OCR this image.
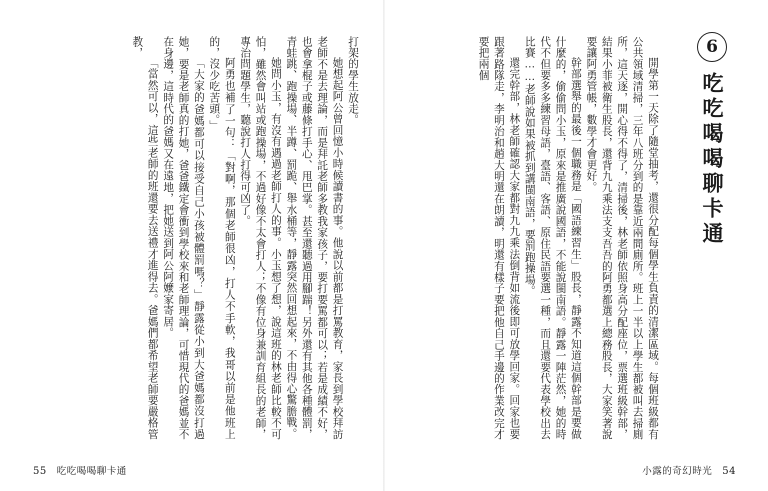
打架的學生放走。

她想起阿公曾回憶小時候讀書的事。他說以前都是打罵教育，家長到學校拜訪老師不是去理論，而是拜託老師多教我家孩子，要打要罵都可以；若是成績不好，也會拿棍子或藤條打手心、甩巴掌。甚至還聽過用腳踹！另外還有其他各種體罰，青蛙跳、跑操場、半蹲、罰跪、舉水桶等，靜露突然回想起來，不由得心驚膽戰。

她問小玉，有沒有遇過老師打人的事。小玉想了想，說這班的林老師比較不可怕，雖然會叫站或跑操場，不過好像不太會打人；不像有位身兼訓育組長的老師，專治問題學生，聽說打人打得可凶了。

阿勇也補了一句：「對啊，那個老師很凶，打人不手軟，我哥以前是他班上的，沒少吃苦頭。」

「大家的爸媽都可以接受自己小孩被體罰嗎？」靜露從小到大爸媽都沒打過她，要是老師真的打她，爸爸鐵定會衝到學校來和老師理論，可惜現代的爸媽並不在身邊，這時代的爸媽又在遠地，把她送到阿公阿嬤家寄居。

「當然可以，這些老師的班還要去送禮才進得去。爸媽們都希望老師要嚴格管教，

55 吃吃喝喝聊卡通
6
吃吃喝喝聊卡通

開學第一天除了隨堂抽考，還很分配每個學生負責的清潔區域。每個班級都有公共領域清掃，三年八班分到的是靠近兩間廁所。班上一半以上學生都被叫去掃廁所，這天逐，開心得不得了，清掃後，林老師依照身高分配座位，票選班級幹部，結果小菲被衛生股長，還背九九乘法支支吾吾的阿勇都選上總務股長，大家笑著說要讓阿勇管帳，數學才會更好。

幹部選舉的最後一個職務是「國語練習生」股長，靜露不知道這個幹部是要做什麼的，偷偷問小玉，原來是推廣說國語，不能說閩南語。靜露一陣茫然，她的時代不但要多多練習母語，臺語、客語、原住民語要選一種，而且還要代表學校出去比賽……老師說如果被抓到講閩南語，要罰跑操場。

還完幹部，林老師確認大家都對九九乘法倒背如流後即可放學回家。回家也要跟著路隊走，李明治和趙大明還在朗讀，明還有樣子要把他自己手邊的作業改完才要把兩個

小露的奇幻時光 54
